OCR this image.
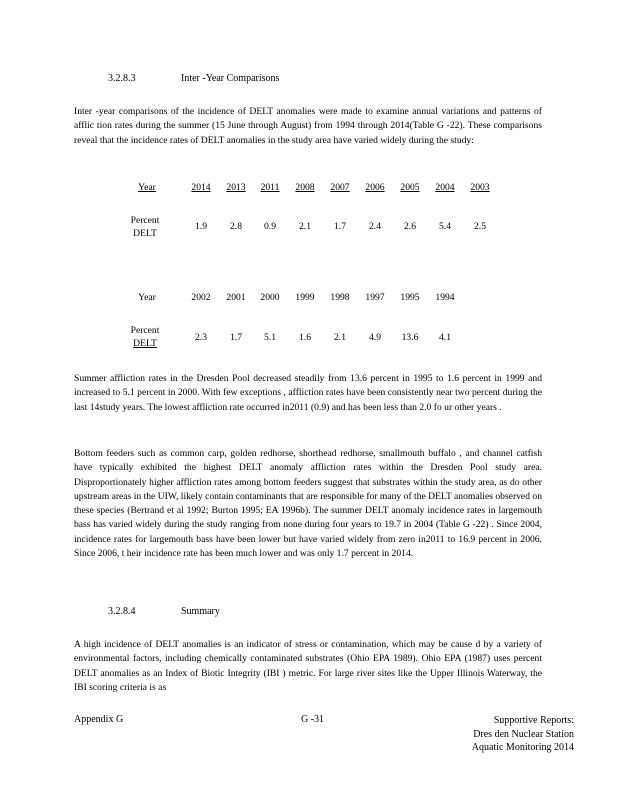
3.2.8.3	Inter -Year Comparisons
Inter -year comparisons of the incidence of DELT anomalies were made to examine annual variations and patterns of afflic tion rates during the summer (15 June through August) from 1994 through 2014(Table G -22). These comparisons reveal that the incidence rates of DELT anomalies in the study area have varied widely during the study:
Year	2014	2013	2011	2008	2007	2006	2005	2004	2003
Percent
DELT
1.9	2.8	0.9	2.1	1.7	2.4	2.6	5.4	2.5
Year	2002	2001	2000	1999	1998	1997	1995	1994
Percent
DELT
2.3	1.7	5.1	1.6	2.1	4.9	13.6	4.1
Summer affliction rates in the Dresden Pool decreased steadily from 13.6 percent in 1995 to 1.6 percent in 1999 and increased to 5.1 percent in 2000. With few exceptions , affliction rates have been consistently near two percent during the last 14study years. The lowest affliction rate occurred in2011 (0.9) and has been less than 2.0 fo ur other years .
Bottom feeders such as common carp, golden redhorse, shorthead redhorse, smallmouth buffalo , and channel catfish have typically exhibited the highest DELT anomaly affliction rates within the Dresden Pool study area. Disproportionately higher affliction rates among bottom feeders suggest that substrates within the study area, as do other upstream areas in the UIW, likely contain contaminants that are responsible for many of the DELT anomalies observed on these species (Bertrand et al 1992; Burton 1995; EA 1996b). The summer DELT anomaly incidence rates in largemouth bass has varied widely during the study ranging from none during four years to 19.7 in 2004 (Table G -22) . Since 2004, incidence rates for largemouth bass have been lower but have varied widely from zero in2011 to 16.9 percent in 2006. Since 2006, t heir incidence rate has been much lower and was only 1.7 percent in 2014.
3.2.8.4	Summary
A high incidence of DELT anomalies is an indicator of stress or contamination, which may be cause d by a variety of environmental factors, including chemically contaminated substrates (Ohio EPA 1989). Ohio EPA (1987) uses percent DELT anomalies as an Index of Biotic Integrity (IBI ) metric. For large river sites like the Upper Illinois Waterway, the IBI scoring criteria is as
Appendix G	G -31	Supportive Reports:
Dres den Nuclear Station
Aquatic Monitoring 2014
